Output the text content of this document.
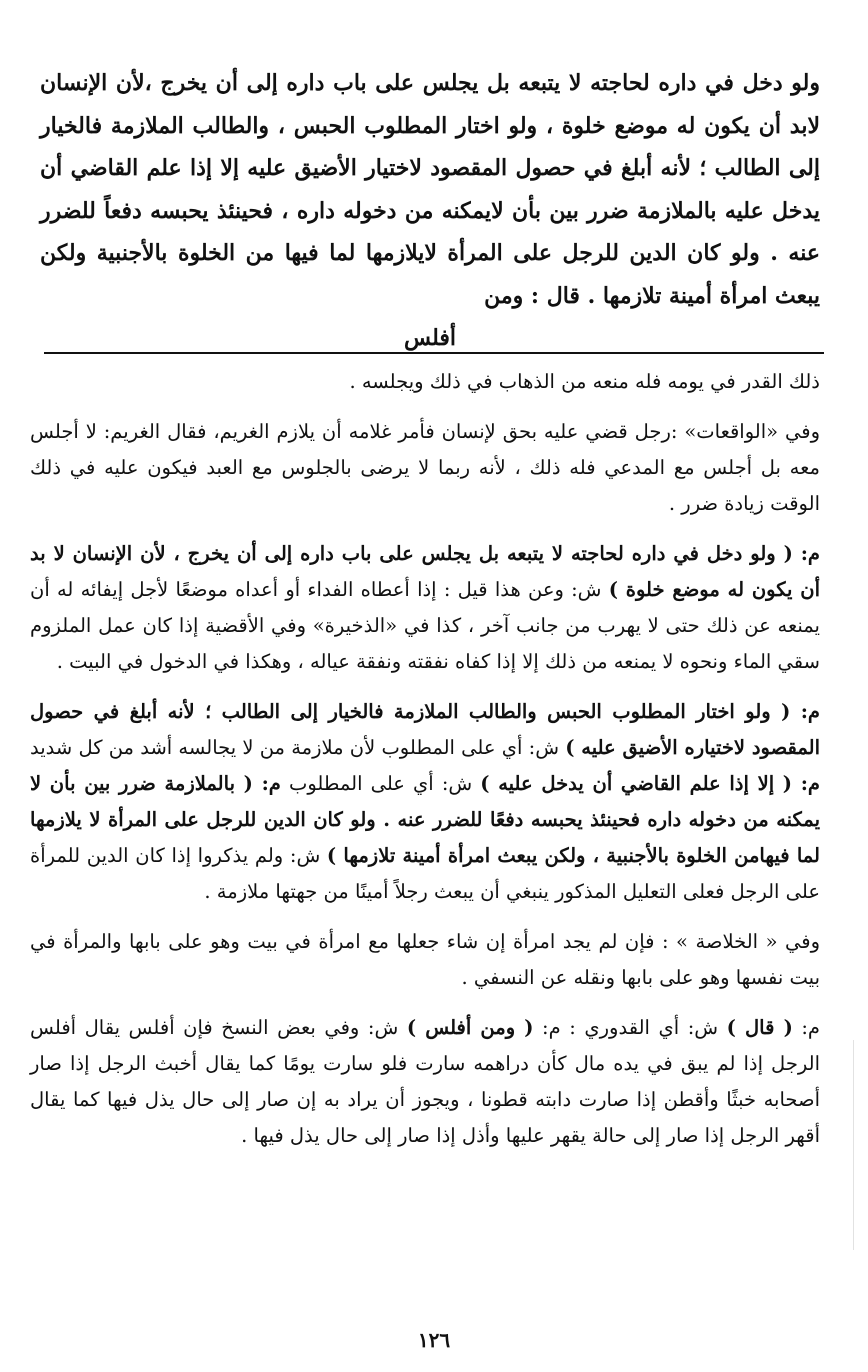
ولو دخل في داره لحاجته لا يتبعه بل يجلس على باب داره إلى أن يخرج ،لأن الإنسان لابد أن يكون له موضع خلوة ، ولو اختار المطلوب الحبس ، والطالب الملازمة فالخيار إلى الطالب ؛ لأنه أبلغ في حصول المقصود لاختيار الأضيق عليه إلا إذا علم القاضي أن يدخل عليه بالملازمة ضرر بين بأن لايمكنه من دخوله داره ، فحينئذ يحبسه دفعاً للضرر عنه . ولو كان الدين للرجل على المرأة لايلازمها لما فيها من الخلوة بالأجنبية ولكن يبعث امرأة أمينة تلازمها . قال : ومن
أفلس

ذلك القدر في يومه فله منعه من الذهاب في ذلك ويجلسه .

وفي «الواقعات» :رجل قضي عليه بحق لإنسان فأمر غلامه أن يلازم الغريم، فقال الغريم: لا أجلس معه بل أجلس مع المدعي فله ذلك ، لأنه ربما لا يرضى بالجلوس مع العبد فيكون عليه في ذلك الوقت زيادة ضرر .

م: ( ولو دخل في داره لحاجته لا يتبعه بل يجلس على باب داره إلى أن يخرج ، لأن الإنسان لا بد أن يكون له موضع خلوة ) ش: وعن هذا قيل : إذا أعطاه الفداء أو أعداه موضعًا لأجل إيفائه له أن يمنعه عن ذلك حتى لا يهرب من جانب آخر ، كذا في «الذخيرة» وفي الأقضية إذا كان عمل الملزوم سقي الماء ونحوه لا يمنعه من ذلك إلا إذا كفاه نفقته ونفقة عياله ، وهكذا في الدخول في البيت .

م: ( ولو اختار المطلوب الحبس والطالب الملازمة فالخيار إلى الطالب ؛ لأنه أبلغ في حصول المقصود لاختياره الأضيق عليه ) ش: أي على المطلوب لأن ملازمة من لا يجالسه أشد من كل شديد م: ( إلا إذا علم القاضي أن يدخل عليه ) ش: أي على المطلوب م: ( بالملازمة ضرر بين بأن لا يمكنه من دخوله داره فحينئذ يحبسه دفعًا للضرر عنه . ولو كان الدين للرجل على المرأة لا يلازمها لما فيهامن الخلوة بالأجنبية ، ولكن يبعث امرأة أمينة تلازمها ) ش: ولم يذكروا إذا كان الدين للمرأة على الرجل فعلى التعليل المذكور ينبغي أن يبعث رجلاً أمينًا من جهتها ملازمة .

وفي « الخلاصة » : فإن لم يجد امرأة إن شاء جعلها مع امرأة في بيت وهو على بابها والمرأة في بيت نفسها وهو على بابها ونقله عن النسفي .

م: ( قال ) ش: أي القدوري : م: ( ومن أفلس ) ش: وفي بعض النسخ فإن أفلس يقال أفلس الرجل إذا لم يبق في يده مال كأن دراهمه سارت فلو سارت يومًا كما يقال أخبث الرجل إذا صار أصحابه خبثًا وأقطن إذا صارت دابته قطونا ، ويجوز أن يراد به إن صار إلى حال يذل فيها كما يقال أقهر الرجل إذا صار إلى حالة يقهر عليها وأذل إذا صار إلى حال يذل فيها .

١٢٦
